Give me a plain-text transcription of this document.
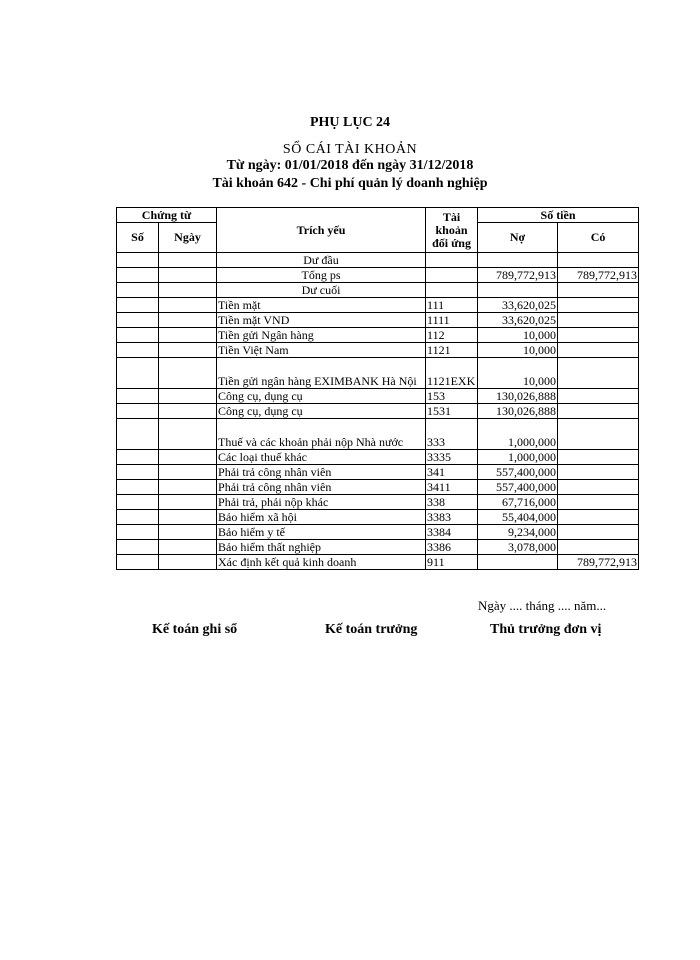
PHỤ LỤC 24
SỔ CÁI TÀI KHOẢN
Từ ngày: 01/01/2018 đến ngày 31/12/2018
Tài khoản 642 - Chi phí quản lý doanh nghiệp
Chứng từ		Trích yếu	Tài khoản đối ứng	Số tiền	
Số	Ngày			Nợ	Có
		Dư đầu			
		Tổng ps		789,772,913	789,772,913
		Dư cuối			
		Tiền mặt	111	33,620,025	
		Tiền mặt VND	1111	33,620,025	
		Tiền gửi Ngân hàng	112	10,000	
		Tiền Việt Nam	1121	10,000	
		Tiền gửi ngân hàng EXIMBANK Hà Nội	1121EXK	10,000	
		Công cụ, dụng cụ	153	130,026,888	
		Công cụ, dụng cụ	1531	130,026,888	
		Thuế và các khoản phải nộp Nhà nước	333	1,000,000	
		Các loại thuế khác	3335	1,000,000	
		Phải trả công nhân viên	341	557,400,000	
		Phải trả công nhân viên	3411	557,400,000	
		Phải trả, phải nộp khác	338	67,716,000	
		Bảo hiểm xã hội	3383	55,404,000	
		Bảo hiểm y tế	3384	9,234,000	
		Bảo hiểm thất nghiệp	3386	3,078,000	
		Xác định kết quả kinh doanh	911		789,772,913
Ngày .... tháng .... năm...
Kế toán ghi sổ	Kế toán trưởng	Thủ trưởng đơn vị
